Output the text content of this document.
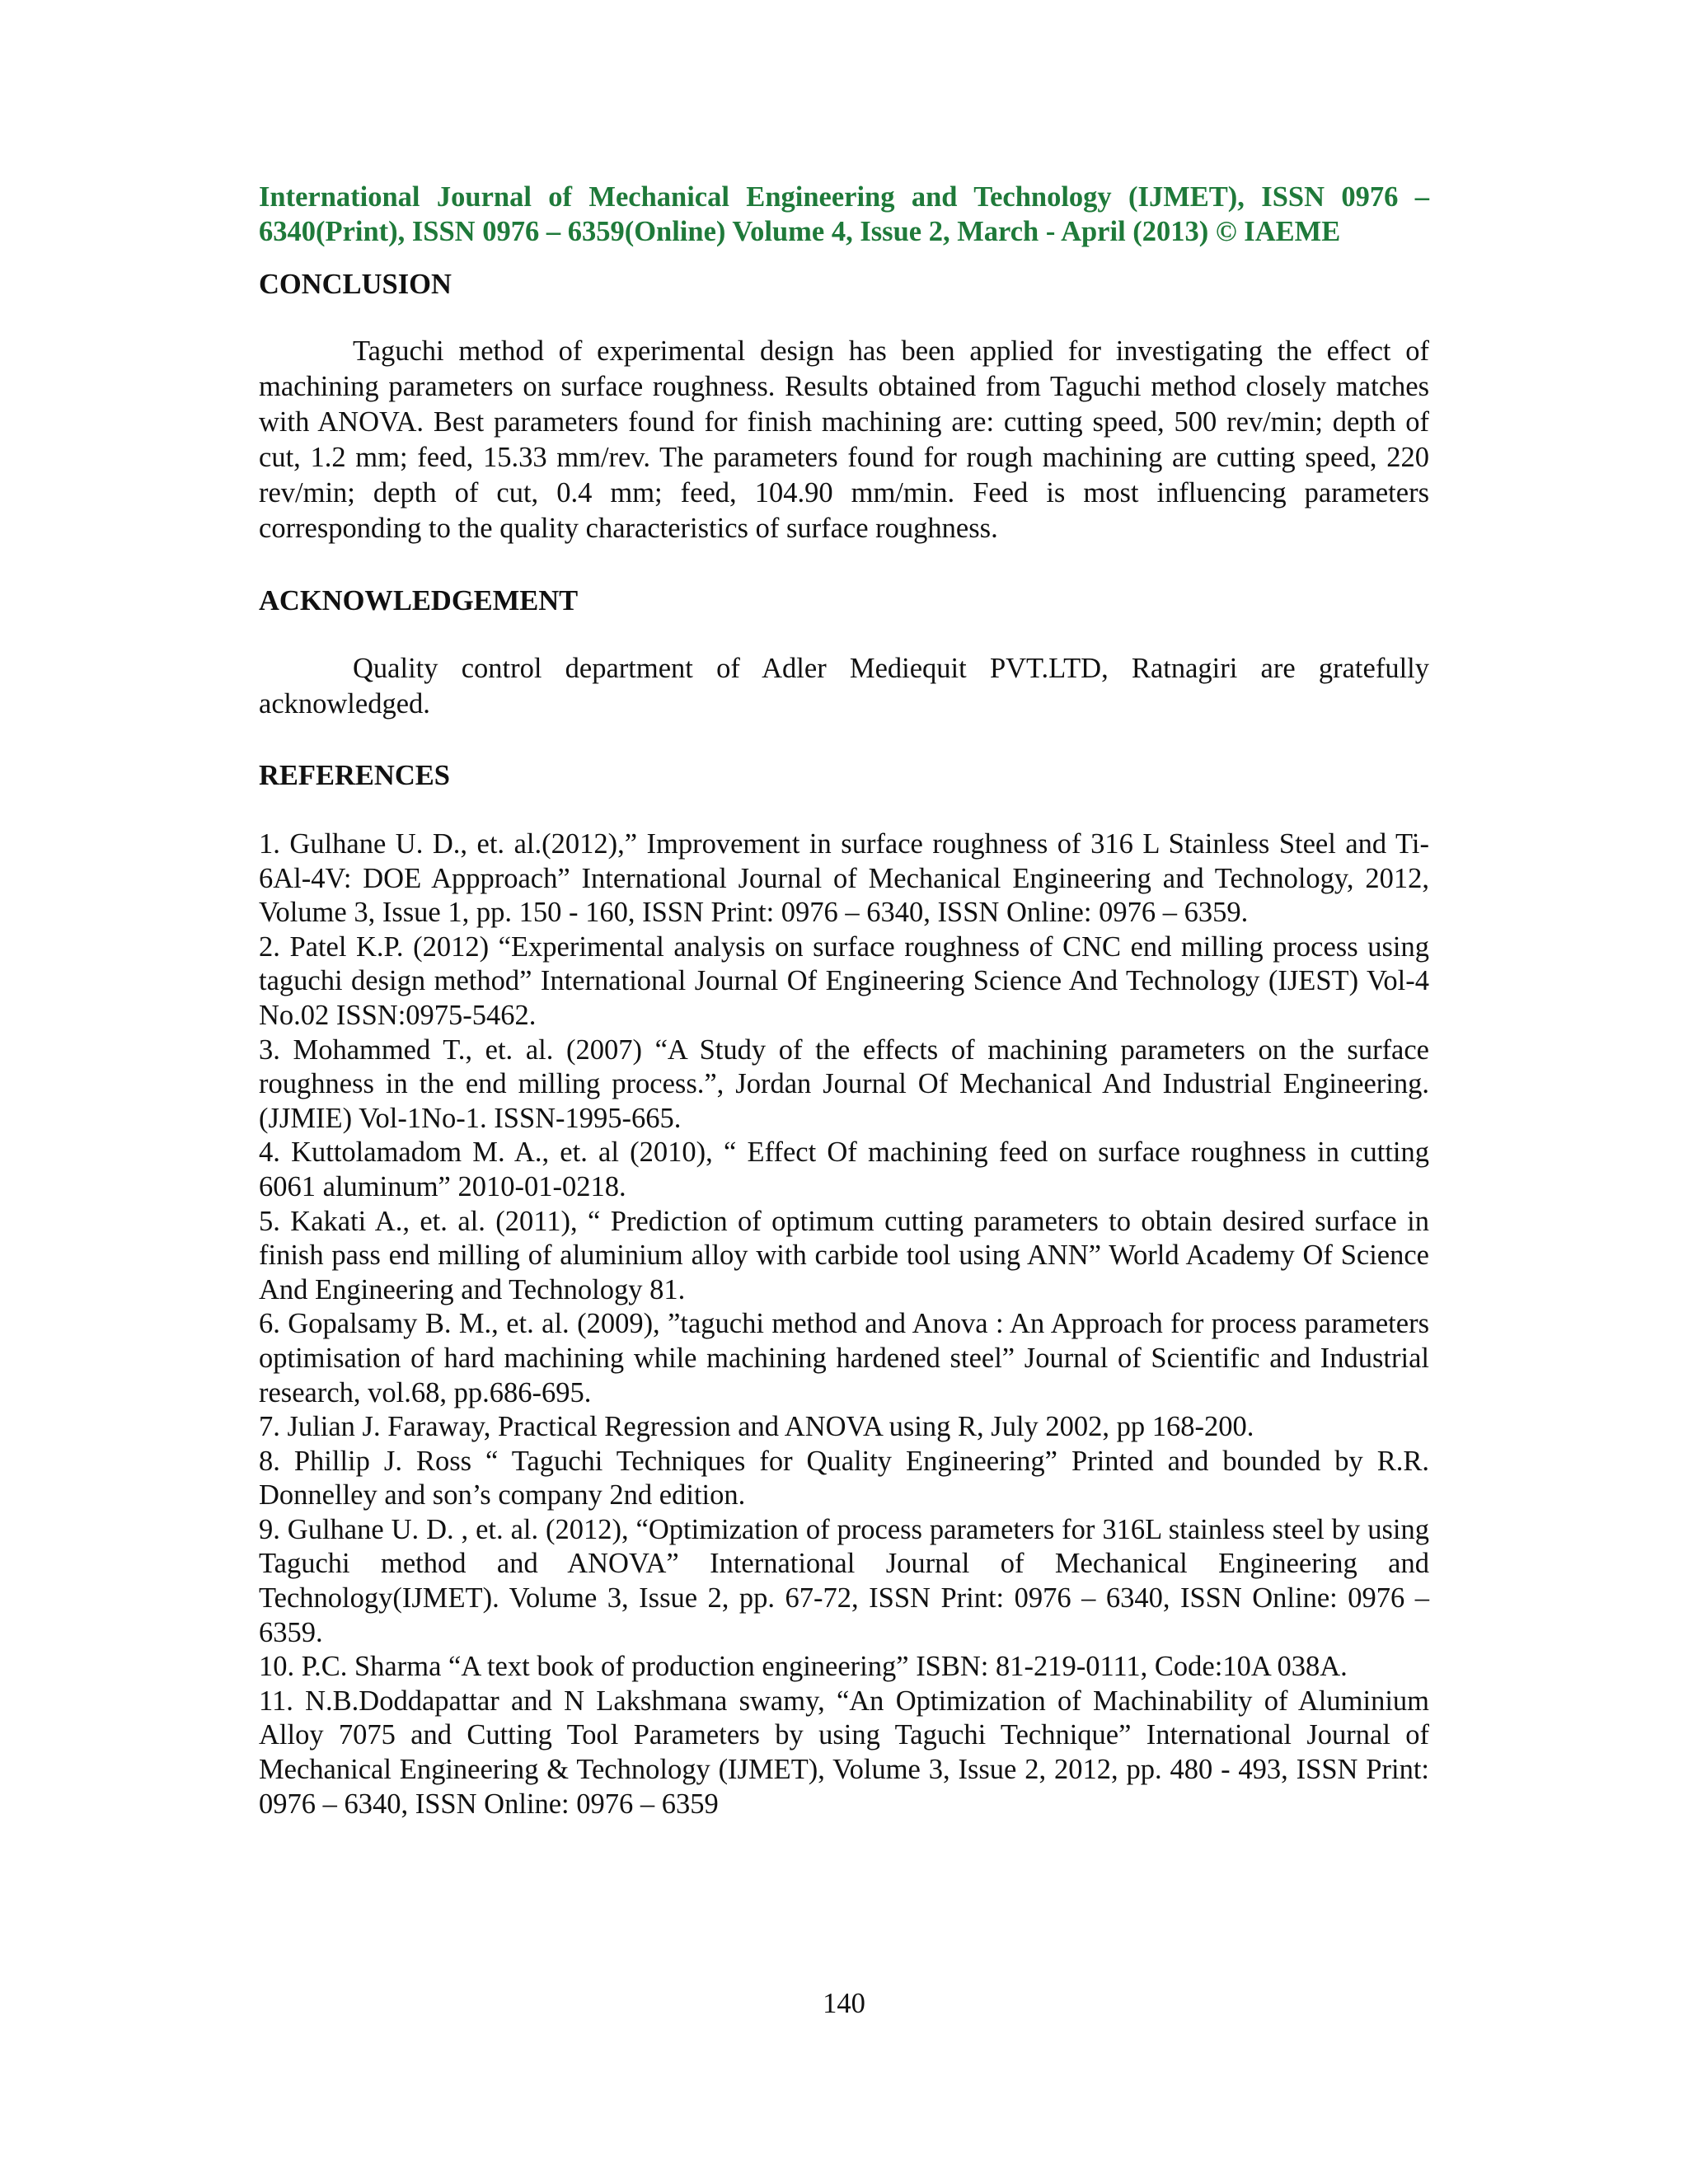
International Journal of Mechanical Engineering and Technology (IJMET), ISSN 0976 – 6340(Print), ISSN 0976 – 6359(Online) Volume 4, Issue 2, March - April (2013) © IAEME

CONCLUSION

Taguchi method of experimental design has been applied for investigating the effect of machining parameters on surface roughness. Results obtained from Taguchi method closely matches with ANOVA. Best parameters found for finish machining are: cutting speed, 500 rev/min; depth of cut, 1.2 mm; feed, 15.33 mm/rev. The parameters found for rough machining are cutting speed, 220 rev/min; depth of cut, 0.4 mm; feed, 104.90 mm/min. Feed is most influencing parameters corresponding to the quality characteristics of surface roughness.

ACKNOWLEDGEMENT

Quality control department of Adler Mediequit PVT.LTD, Ratnagiri are gratefully acknowledged.

REFERENCES

1. Gulhane U. D., et. al.(2012),” Improvement in surface roughness of 316 L Stainless Steel and Ti-6Al-4V: DOE Appproach” International Journal of Mechanical Engineering and Technology, 2012, Volume 3, Issue 1, pp. 150 - 160, ISSN Print: 0976 – 6340, ISSN Online: 0976 – 6359.

2. Patel K.P. (2012) “Experimental analysis on surface roughness of CNC end milling process using taguchi design method” International Journal Of Engineering Science And Technology (IJEST) Vol-4 No.02 ISSN:0975-5462.

3. Mohammed T., et. al. (2007) “A Study of the effects of machining parameters on the surface roughness in the end milling process.”, Jordan Journal Of Mechanical And Industrial Engineering.(JJMIE) Vol-1No-1. ISSN-1995-665.

4. Kuttolamadom M. A., et. al (2010), “ Effect Of machining feed on surface roughness in cutting 6061 aluminum” 2010-01-0218.

5. Kakati A., et. al. (2011), “ Prediction of optimum cutting parameters to obtain desired surface in finish pass end milling of aluminium alloy with carbide tool using ANN” World Academy Of Science And Engineering and Technology 81.

6. Gopalsamy B. M., et. al. (2009), ”taguchi method and Anova : An Approach for process parameters optimisation of hard machining while machining hardened steel” Journal of Scientific and Industrial research, vol.68, pp.686-695.

7. Julian J. Faraway, Practical Regression and ANOVA using R, July 2002, pp 168-200.

8. Phillip J. Ross “ Taguchi Techniques for Quality Engineering” Printed and bounded by R.R. Donnelley and son’s company 2nd edition.

9. Gulhane U. D. , et. al. (2012), “Optimization of process parameters for 316L stainless steel by using Taguchi method and ANOVA” International Journal of Mechanical Engineering and Technology(IJMET). Volume 3, Issue 2, pp. 67-72, ISSN Print: 0976 – 6340, ISSN Online: 0976 – 6359.

10. P.C. Sharma “A text book of production engineering” ISBN: 81-219-0111, Code:10A 038A.

11. N.B.Doddapattar and N Lakshmana swamy, “An Optimization of Machinability of Aluminium Alloy 7075 and Cutting Tool Parameters by using Taguchi Technique” International Journal of Mechanical Engineering & Technology (IJMET), Volume 3, Issue 2, 2012, pp. 480 - 493, ISSN Print: 0976 – 6340, ISSN Online: 0976 – 6359

140
